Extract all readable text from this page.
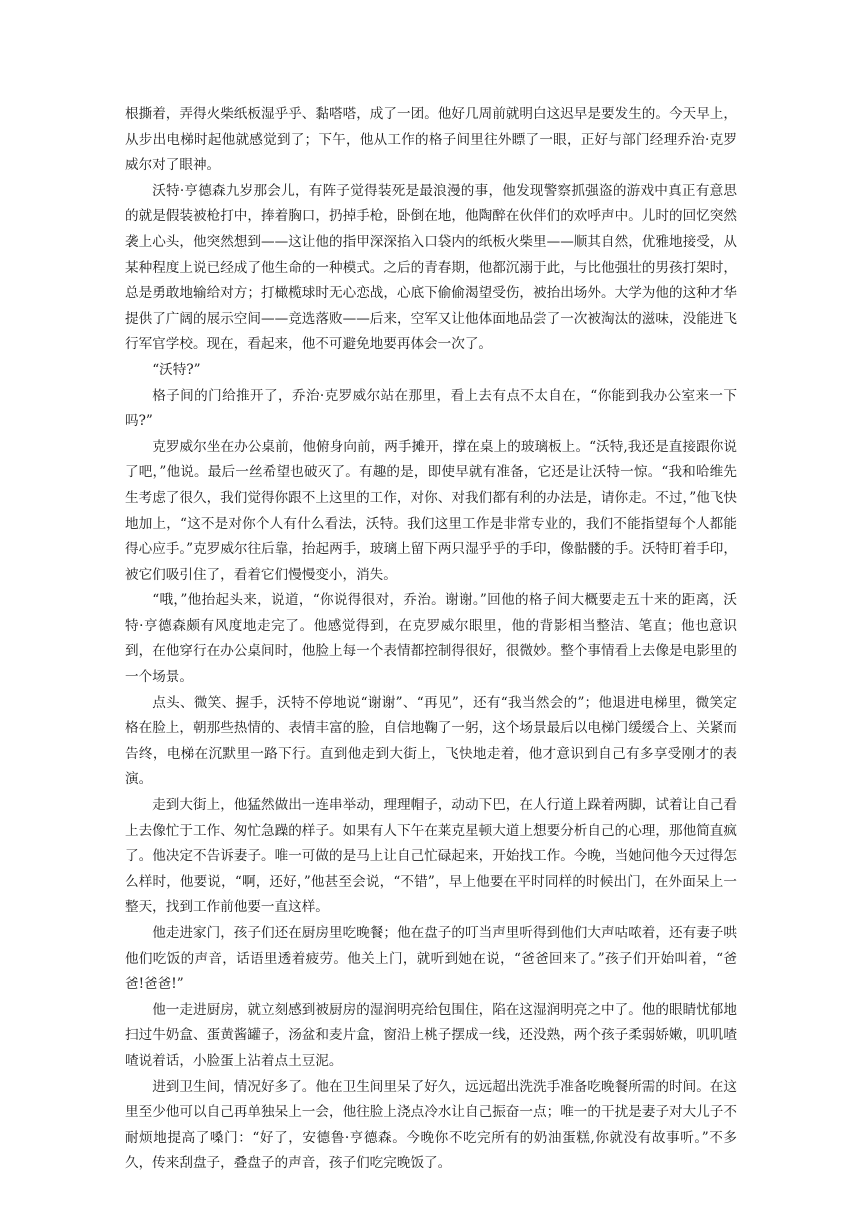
根撕着，弄得火柴纸板湿乎乎、黏嗒嗒，成了一团。他好几周前就明白这迟早是要发生的。今天早上，从步出电梯时起他就感觉到了；下午，他从工作的格子间里往外瞟了一眼，正好与部门经理乔治·克罗威尔对了眼神。

沃特·亨德森九岁那会儿，有阵子觉得装死是最浪漫的事，他发现警察抓强盗的游戏中真正有意思的就是假装被枪打中，捧着胸口，扔掉手枪，卧倒在地，他陶醉在伙伴们的欢呼声中。儿时的回忆突然袭上心头，他突然想到——这让他的指甲深深掐入口袋内的纸板火柴里——顺其自然，优雅地接受，从某种程度上说已经成了他生命的一种模式。之后的青春期，他都沉溺于此，与比他强壮的男孩打架时，总是勇敢地输给对方；打橄榄球时无心恋战，心底下偷偷渴望受伤，被抬出场外。大学为他的这种才华提供了广阔的展示空间——竞选落败——后来，空军又让他体面地品尝了一次被淘汰的滋味，没能进飞行军官学校。现在，看起来，他不可避免地要再体会一次了。

“沃特?”

格子间的门给推开了，乔治·克罗威尔站在那里，看上去有点不太自在，“你能到我办公室来一下吗?”

克罗威尔坐在办公桌前，他俯身向前，两手摊开，撑在桌上的玻璃板上。“沃特,我还是直接跟你说了吧，”他说。最后一丝希望也破灭了。有趣的是，即使早就有准备，它还是让沃特一惊。“我和哈维先生考虑了很久，我们觉得你跟不上这里的工作，对你、对我们都有利的办法是，请你走。不过，”他飞快地加上，“这不是对你个人有什么看法，沃特。我们这里工作是非常专业的，我们不能指望每个人都能得心应手。”克罗威尔往后靠，抬起两手，玻璃上留下两只湿乎乎的手印，像骷髅的手。沃特盯着手印，被它们吸引住了，看着它们慢慢变小，消失。

“哦，”他抬起头来，说道，“你说得很对，乔治。谢谢。”回他的格子间大概要走五十来的距离，沃特·亨德森颇有风度地走完了。他感觉得到，在克罗威尔眼里，他的背影相当整洁、笔直；他也意识到，在他穿行在办公桌间时，他脸上每一个表情都控制得很好，很微妙。整个事情看上去像是电影里的一个场景。

点头、微笑、握手，沃特不停地说“谢谢”、“再见”，还有“我当然会的”；他退进电梯里，微笑定格在脸上，朝那些热情的、表情丰富的脸，自信地鞠了一躬，这个场景最后以电梯门缓缓合上、关紧而告终，电梯在沉默里一路下行。直到他走到大街上，飞快地走着，他才意识到自己有多享受刚才的表演。

走到大街上，他猛然做出一连串举动，理理帽子，动动下巴，在人行道上跺着两脚，试着让自己看上去像忙于工作、匆忙急躁的样子。如果有人下午在莱克星顿大道上想要分析自己的心理，那他简直疯了。他决定不告诉妻子。唯一可做的是马上让自己忙碌起来，开始找工作。今晚，当她问他今天过得怎么样时，他要说，“啊，还好，”他甚至会说，“不错”，早上他要在平时同样的时候出门，在外面呆上一整天，找到工作前他要一直这样。

他走进家门，孩子们还在厨房里吃晚餐；他在盘子的叮当声里听得到他们大声咕哝着，还有妻子哄他们吃饭的声音，话语里透着疲劳。他关上门，就听到她在说，“爸爸回来了。”孩子们开始叫着，“爸爸!爸爸!”

他一走进厨房，就立刻感到被厨房的湿润明亮给包围住，陷在这湿润明亮之中了。他的眼睛忧郁地扫过牛奶盒、蛋黄酱罐子，汤盆和麦片盒，窗沿上桃子摆成一线，还没熟，两个孩子柔弱娇嫩，叽叽喳喳说着话，小脸蛋上沾着点土豆泥。

进到卫生间，情况好多了。他在卫生间里呆了好久，远远超出洗洗手准备吃晚餐所需的时间。在这里至少他可以自己再单独呆上一会，他往脸上浇点冷水让自己振奋一点；唯一的干扰是妻子对大儿子不耐烦地提高了嗓门：“好了，安德鲁·亨德森。今晚你不吃完所有的奶油蛋糕,你就没有故事听。”不多久，传来刮盘子，叠盘子的声音，孩子们吃完晚饭了。
